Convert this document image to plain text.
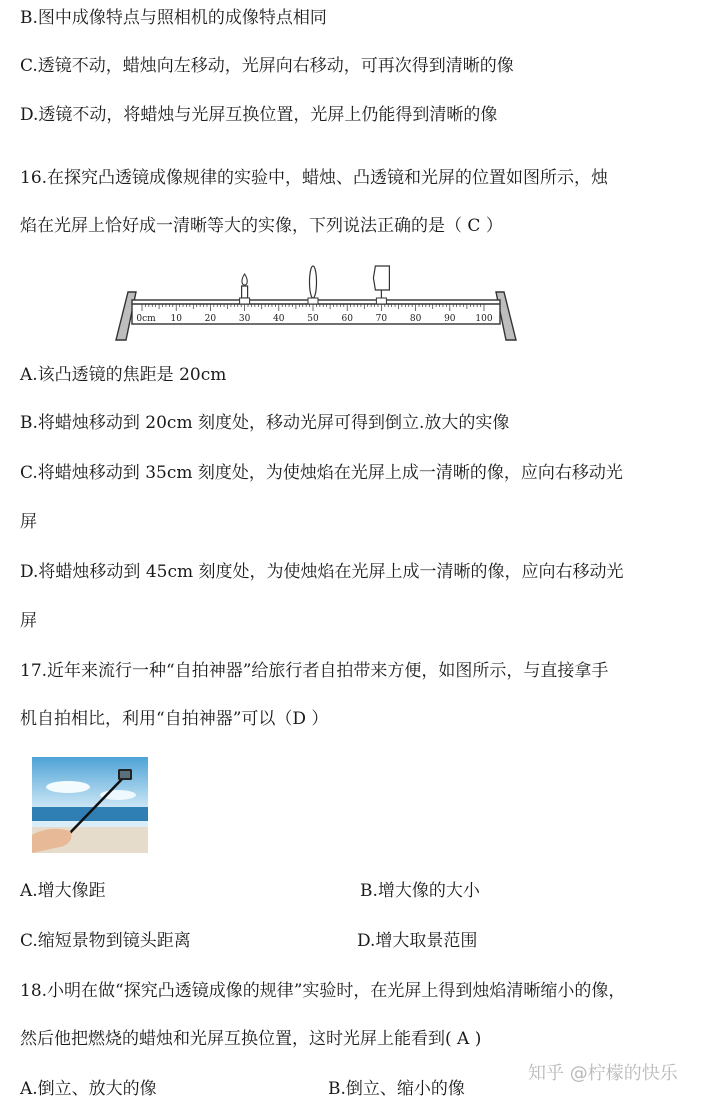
B.图中成像特点与照相机的成像特点相同
C.透镜不动，蜡烛向左移动，光屏向右移动，可再次得到清晰的像
D.透镜不动，将蜡烛与光屏互换位置，光屏上仍能得到清晰的像
16.在探究凸透镜成像规律的实验中，蜡烛、凸透镜和光屏的位置如图所示，烛
焰在光屏上恰好成一清晰等大的实像，下列说法正确的是（ C ）
0cm 10	20	30	40	50	60	70	80	90 100
A.该凸透镜的焦距是 20cm
B.将蜡烛移动到 20cm 刻度处，移动光屏可得到倒立.放大的实像
C.将蜡烛移动到 35cm 刻度处，为使烛焰在光屏上成一清晰的像，应向右移动光
屏
D.将蜡烛移动到 45cm 刻度处，为使烛焰在光屏上成一清晰的像，应向右移动光
屏
17.近年来流行一种“自拍神器”给旅行者自拍带来方便，如图所示，与直接拿手
机自拍相比，利用“自拍神器”可以（D ）
A.增大像距	B.增大像的大小
C.缩短景物到镜头距离	D.增大取景范围
18.小明在做“探究凸透镜成像的规律”实验时，在光屏上得到烛焰清晰缩小的像，
然后他把燃烧的蜡烛和光屏互换位置，这时光屏上能看到( A )
A.倒立、放大的像	B.倒立、缩小的像
知乎 @柠檬的快乐
